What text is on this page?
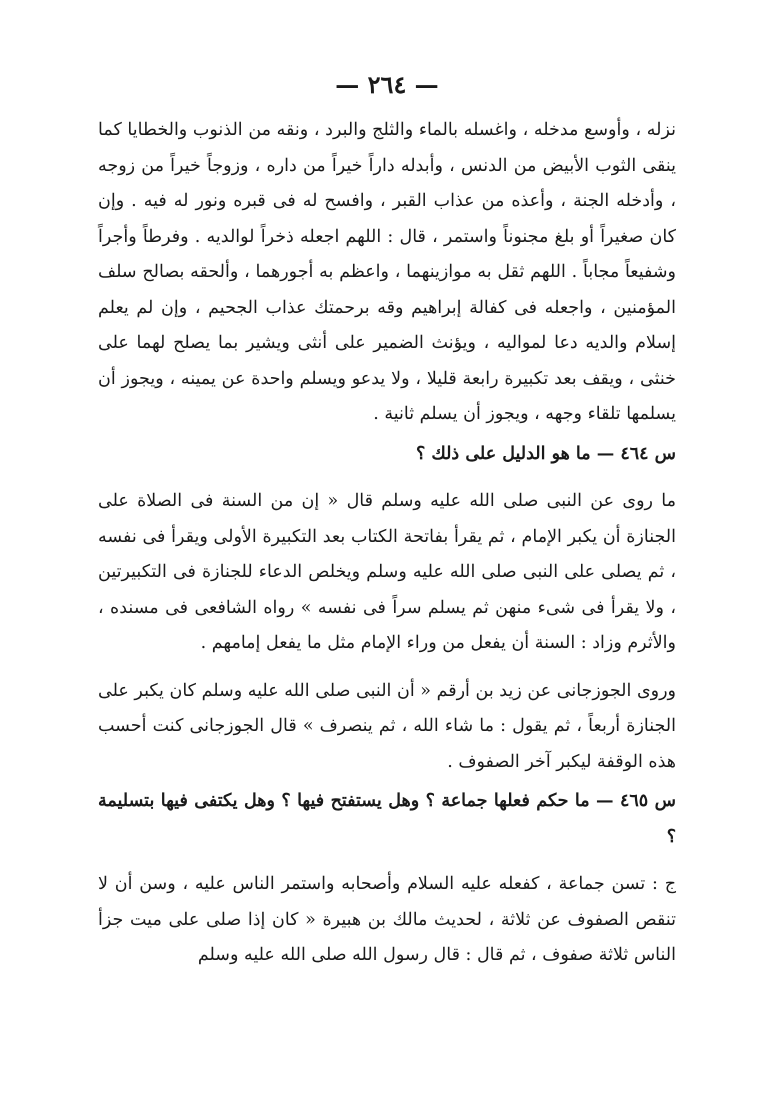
— ٢٦٤ —

نزله ، وأوسع مدخله ، واغسله بالماء والثلج والبرد ، ونقه من الذنوب والخطايا كما ينقى الثوب الأبيض من الدنس ، وأبدله داراً خيراً من داره ، وزوجاً خيراً من زوجه ، وأدخله الجنة ، وأعذه من عذاب القبر ، وافسح له فى قبره ونور له فيه . وإن كان صغيراً أو بلغ مجنوناً واستمر ، قال : اللهم اجعله ذخراً لوالديه . وفرطاً وأجراً وشفيعاً مجاباً . اللهم ثقل به موازينهما ، واعظم به أجورهما ، وألحقه بصالح سلف المؤمنين ، واجعله فى كفالة إبراهيم وقه برحمتك عذاب الجحيم ، وإن لم يعلم إسلام والديه دعا لمواليه ، ويؤنث الضمير على أنثى ويشير بما يصلح لهما على خنثى ، ويقف بعد تكبيرة رابعة قليلا ، ولا يدعو ويسلم واحدة عن يمينه ، ويجوز أن يسلمها تلقاء وجهه ، ويجوز أن يسلم ثانية .

س ٤٦٤ — ما هو الدليل على ذلك ؟

ما روى عن النبى صلى الله عليه وسلم قال « إن من السنة فى الصلاة على الجنازة أن يكبر الإمام ، ثم يقرأ بفاتحة الكتاب بعد التكبيرة الأولى ويقرأ فى نفسه ، ثم يصلى على النبى صلى الله عليه وسلم ويخلص الدعاء للجنازة فى التكبيرتين ، ولا يقرأ فى شىء منهن ثم يسلم سراً فى نفسه » رواه الشافعى فى مسنده ، والأثرم وزاد : السنة أن يفعل من وراء الإمام مثل ما يفعل إمامهم .

وروى الجوزجانى عن زيد بن أرقم « أن النبى صلى الله عليه وسلم كان يكبر على الجنازة أربعاً ، ثم يقول : ما شاء الله ، ثم ينصرف » قال الجوزجانى كنت أحسب هذه الوقفة ليكبر آخر الصفوف .

س ٤٦٥ — ما حكم فعلها جماعة ؟ وهل يستفتح فيها ؟ وهل يكتفى فيها بتسليمة ؟

ج : تسن جماعة ، كفعله عليه السلام وأصحابه واستمر الناس عليه ، وسن أن لا تنقص الصفوف عن ثلاثة ، لحديث مالك بن هبيرة « كان إذا صلى على ميت جزأ الناس ثلاثة صفوف ، ثم قال : قال رسول الله صلى الله عليه وسلم
